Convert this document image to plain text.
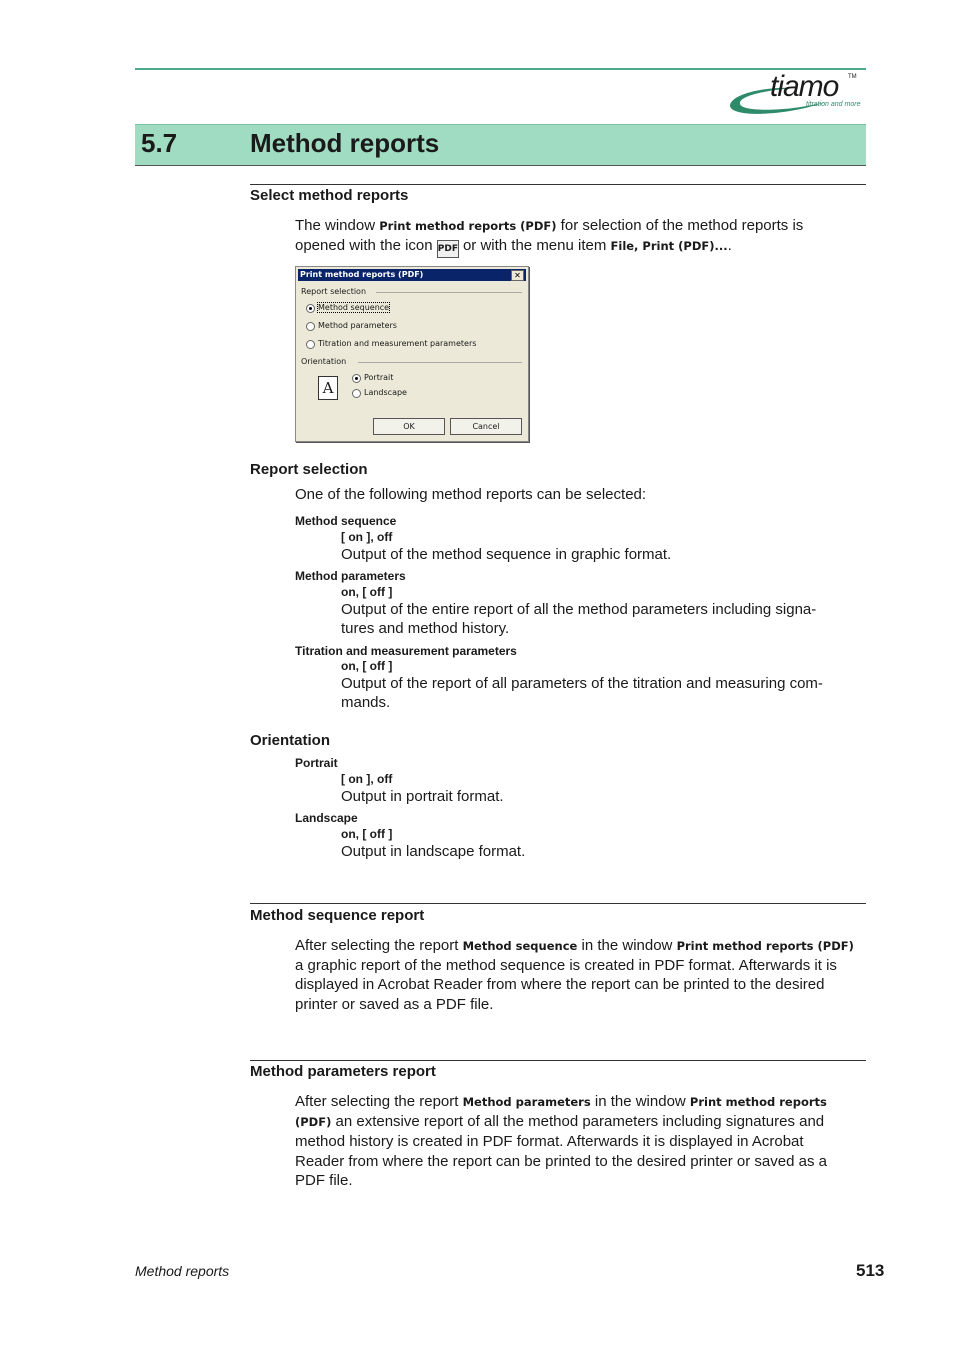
tiamo TM
titration and more
5.7	Method reports
Select method reports
The window Print method reports (PDF) for selection of the method reports is
opened with the icon PDF or with the menu item File, Print (PDF)....
Print method reports (PDF)	✕
Report selection
Method sequence
Method parameters
Titration and measurement parameters
Orientation
A
Portrait
Landscape
OK	Cancel
Report selection
One of the following method reports can be selected:
Method sequence
[ on ], off
Output of the method sequence in graphic format.
Method parameters
on, [ off ]
Output of the entire report of all the method parameters including signa-
tures and method history.
Titration and measurement parameters
on, [ off ]
Output of the report of all parameters of the titration and measuring com-
mands.
Orientation
Portrait
[ on ], off
Output in portrait format.
Landscape
on, [ off ]
Output in landscape format.
Method sequence report
After selecting the report Method sequence in the window Print method reports (PDF)
a graphic report of the method sequence is created in PDF format. Afterwards it is
displayed in Acrobat Reader from where the report can be printed to the desired
printer or saved as a PDF file.
Method parameters report
After selecting the report Method parameters in the window Print method reports
(PDF) an extensive report of all the method parameters including signatures and
method history is created in PDF format. Afterwards it is displayed in Acrobat
Reader from where the report can be printed to the desired printer or saved as a
PDF file.
Method reports	513
